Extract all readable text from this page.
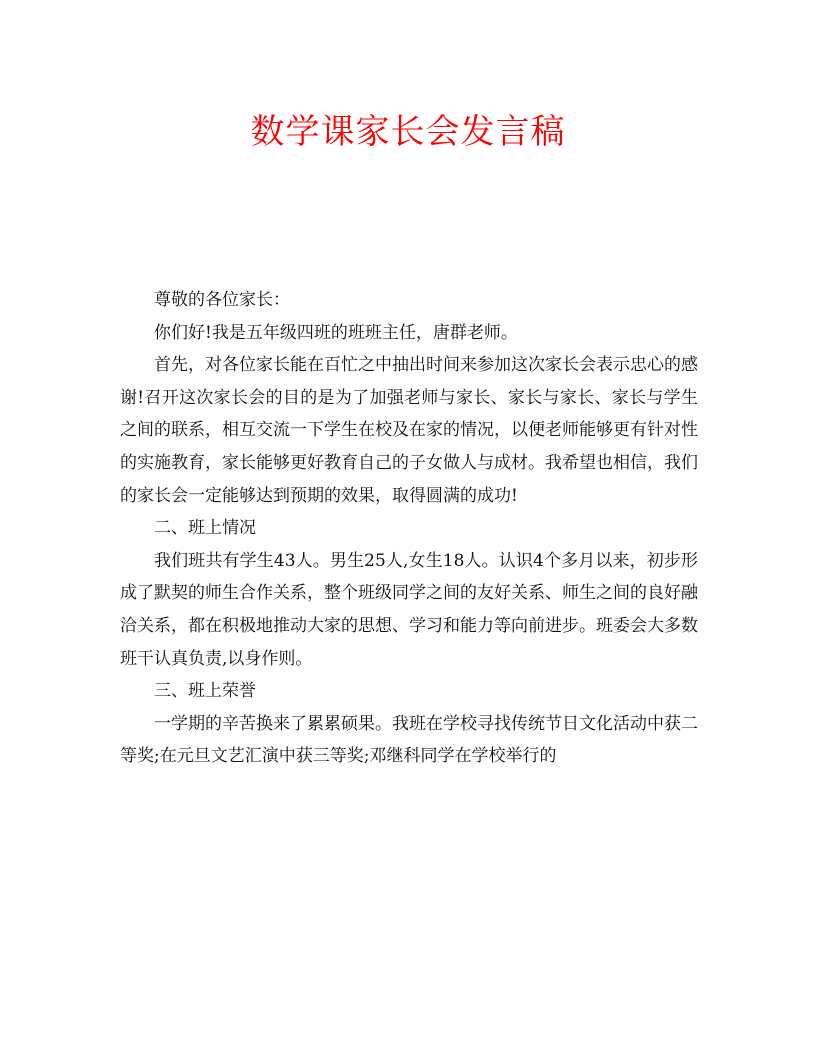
数学课家长会发言稿

尊敬的各位家长：

你们好!我是五年级四班的班班主任，唐群老师。

首先，对各位家长能在百忙之中抽出时间来参加这次家长会表示忠心的感谢!召开这次家长会的目的是为了加强老师与家长、家长与家长、家长与学生之间的联系，相互交流一下学生在校及在家的情况，以便老师能够更有针对性的实施教育，家长能够更好教育自己的子女做人与成材。我希望也相信，我们的家长会一定能够达到预期的效果，取得圆满的成功!

二、班上情况

我们班共有学生43人。男生25人,女生18人。认识4个多月以来，初步形成了默契的师生合作关系，整个班级同学之间的友好关系、师生之间的良好融洽关系，都在积极地推动大家的思想、学习和能力等向前进步。班委会大多数班干认真负责,以身作则。

三、班上荣誉

一学期的辛苦换来了累累硕果。我班在学校寻找传统节日文化活动中获二等奖;在元旦文艺汇演中获三等奖;邓继科同学在学校举行的
